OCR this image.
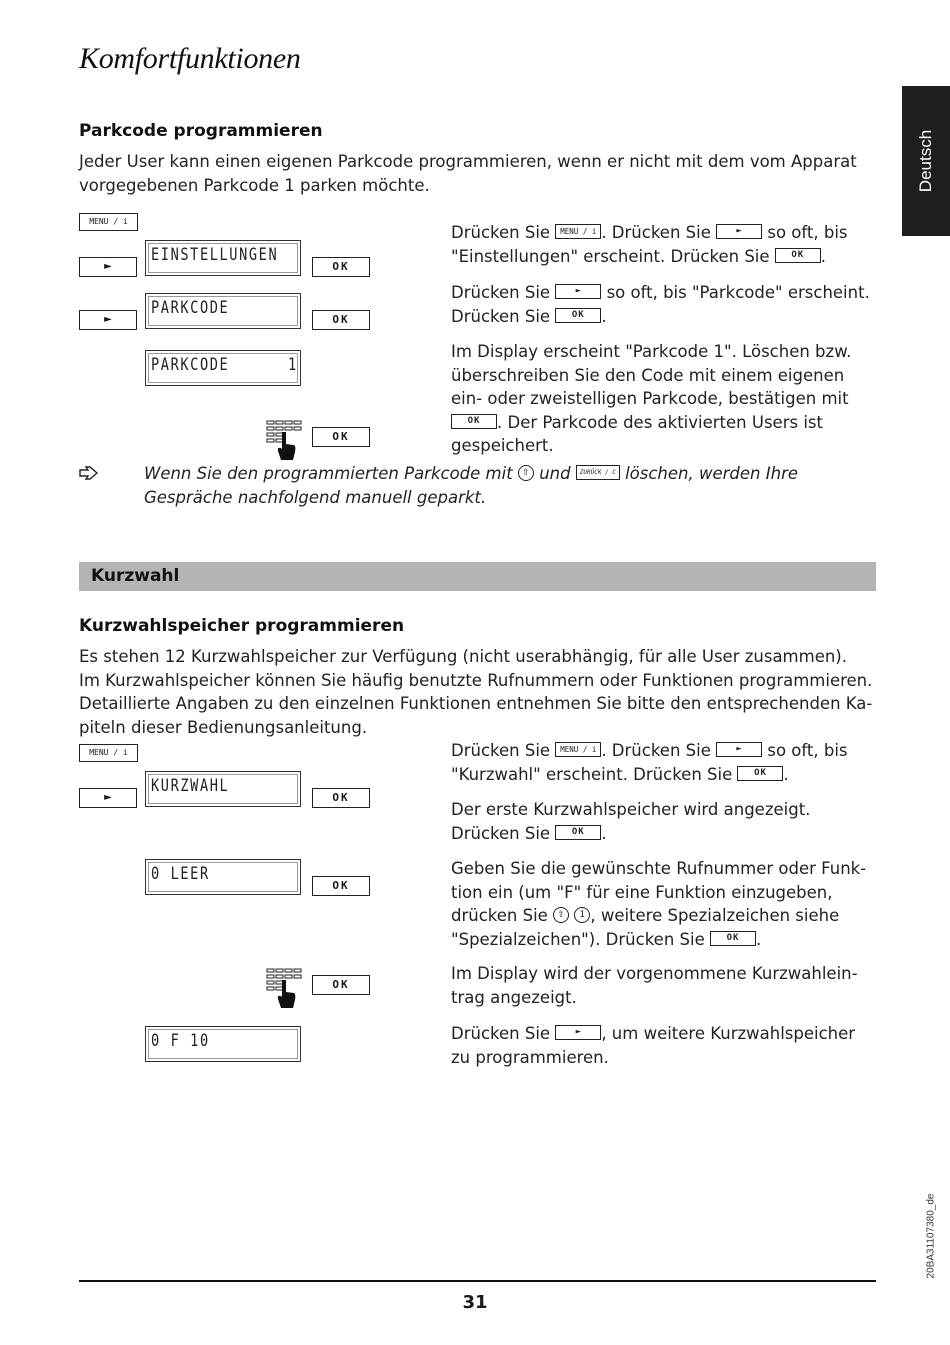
Komfortfunktionen
Deutsch
Parkcode programmieren
Jeder User kann einen eigenen Parkcode programmieren, wenn er nicht mit dem vom Apparat
vorgegebenen Parkcode 1 parken möchte.
MENU / i
►
EINSTELLUNGEN
OK
►
PARKCODE
OK
PARKCODE      1
OK
Drücken Sie MENU / i . Drücken Sie	► so oft, bis
"Einstellungen" erscheint. Drücken Sie OK .
Drücken Sie	► so oft, bis "Parkcode" erscheint.
Drücken Sie OK .
Im Display erscheint "Parkcode 1". Löschen bzw.
überschreiben Sie den Code mit einem eigenen
ein- oder zweistelligen Parkcode, bestätigen mit
OK . Der Parkcode des aktivierten Users ist
gespeichert.
Wenn Sie den programmierten Parkcode mit ⇧ und ZURÜCK / C löschen, werden Ihre
Gespräche nachfolgend manuell geparkt.
Kurzwahl
Kurzwahlspeicher programmieren
Es stehen 12 Kurzwahlspeicher zur Verfügung (nicht userabhängig, für alle User zusammen).
Im Kurzwahlspeicher können Sie häufig benutzte Rufnummern oder Funktionen programmieren.
Detaillierte Angaben zu den einzelnen Funktionen entnehmen Sie bitte den entsprechenden Ka-
piteln dieser Bedienungsanleitung.
MENU / i
►
KURZWAHL
OK
0 LEER
OK
OK
0 F 10
Drücken Sie MENU / i . Drücken Sie	► so oft, bis
"Kurzwahl" erscheint. Drücken Sie OK .
Der erste Kurzwahlspeicher wird angezeigt.
Drücken Sie OK .
Geben Sie die gewünschte Rufnummer oder Funk-
tion ein (um "F" für eine Funktion einzugeben,
drücken Sie ⇧ 1 , weitere Spezialzeichen siehe
"Spezialzeichen"). Drücken Sie OK .
Im Display wird der vorgenommene Kurzwahlein-
trag angezeigt.
Drücken Sie	► , um weitere Kurzwahlspeicher
zu programmieren.
20BA31107380_de
31
